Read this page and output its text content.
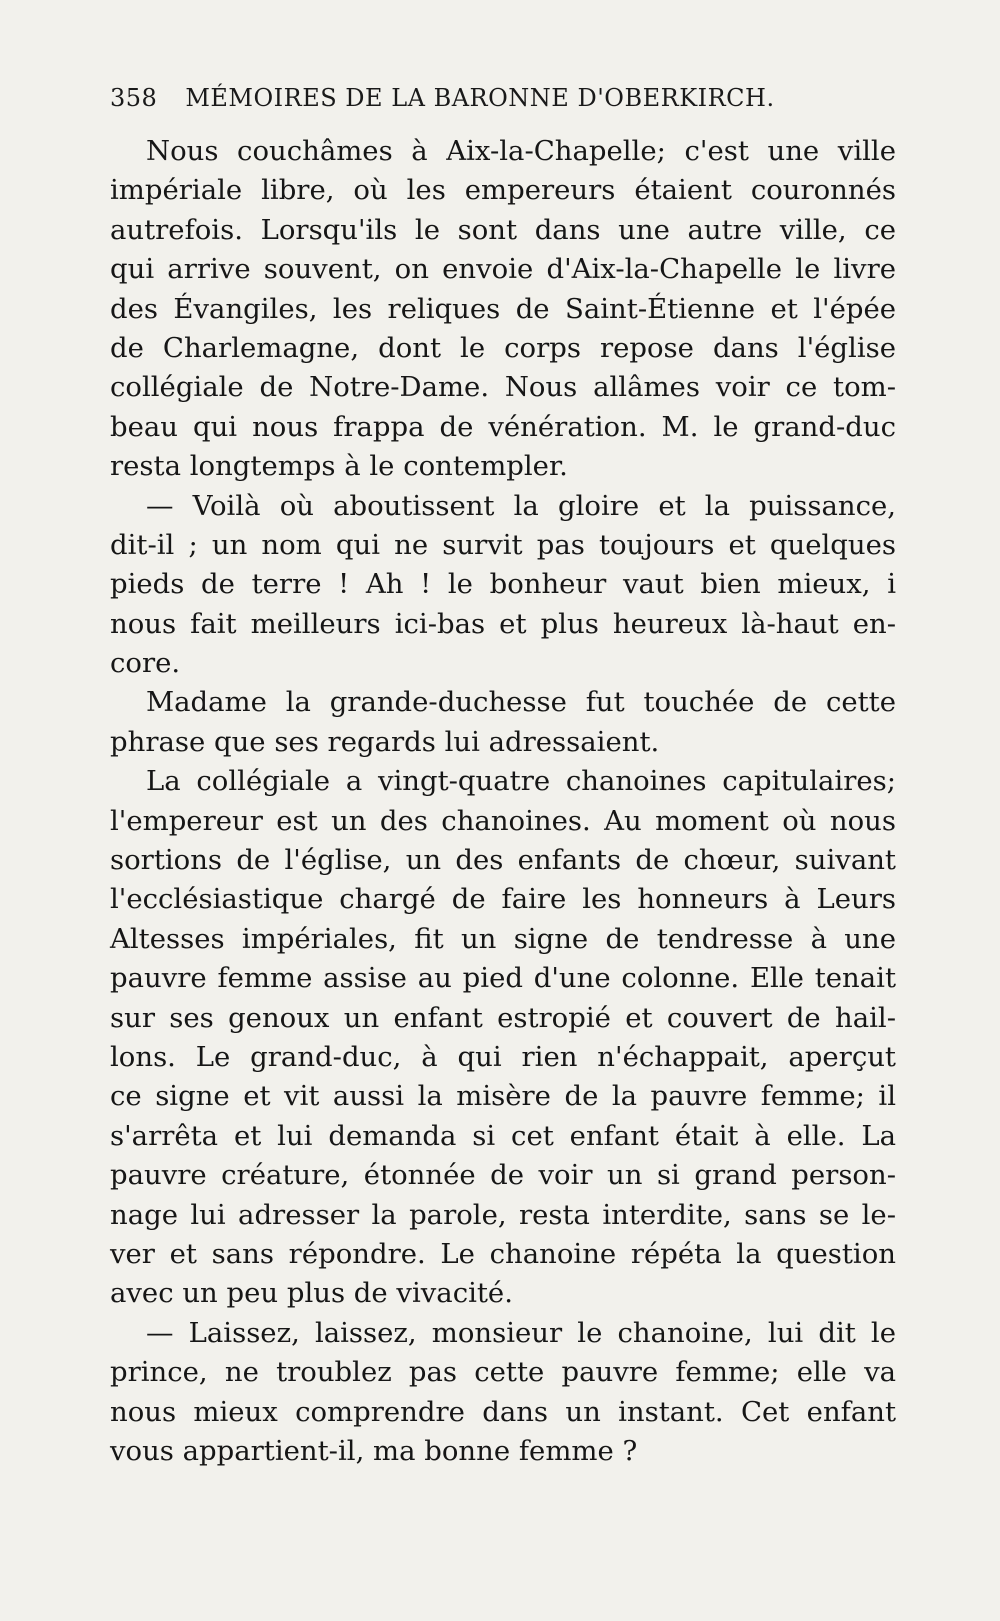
358 MÉMOIRES DE LA BARONNE D'OBERKIRCH.
Nous couchâmes à Aix-la-Chapelle; c'est une ville
impériale libre, où les empereurs étaient couronnés
autrefois. Lorsqu'ils le sont dans une autre ville, ce
qui arrive souvent, on envoie d'Aix-la-Chapelle le livre
des Évangiles, les reliques de Saint-Étienne et l'épée
de Charlemagne, dont le corps repose dans l'église
collégiale de Notre-Dame. Nous allâmes voir ce tom-
beau qui nous frappa de vénération. M. le grand-duc
resta longtemps à le contempler.
— Voilà où aboutissent la gloire et la puissance,
dit-il ; un nom qui ne survit pas toujours et quelques
pieds de terre ! Ah ! le bonheur vaut bien mieux, i
nous fait meilleurs ici-bas et plus heureux là-haut en-
core.
Madame la grande-duchesse fut touchée de cette
phrase que ses regards lui adressaient.
La collégiale a vingt-quatre chanoines capitulaires;
l'empereur est un des chanoines. Au moment où nous
sortions de l'église, un des enfants de chœur, suivant
l'ecclésiastique chargé de faire les honneurs à Leurs
Altesses impériales, fit un signe de tendresse à une
pauvre femme assise au pied d'une colonne. Elle tenait
sur ses genoux un enfant estropié et couvert de hail-
lons. Le grand-duc, à qui rien n'échappait, aperçut
ce signe et vit aussi la misère de la pauvre femme; il
s'arrêta et lui demanda si cet enfant était à elle. La
pauvre créature, étonnée de voir un si grand person-
nage lui adresser la parole, resta interdite, sans se le-
ver et sans répondre. Le chanoine répéta la question
avec un peu plus de vivacité.
— Laissez, laissez, monsieur le chanoine, lui dit le
prince, ne troublez pas cette pauvre femme; elle va
nous mieux comprendre dans un instant. Cet enfant
vous appartient-il, ma bonne femme ?
